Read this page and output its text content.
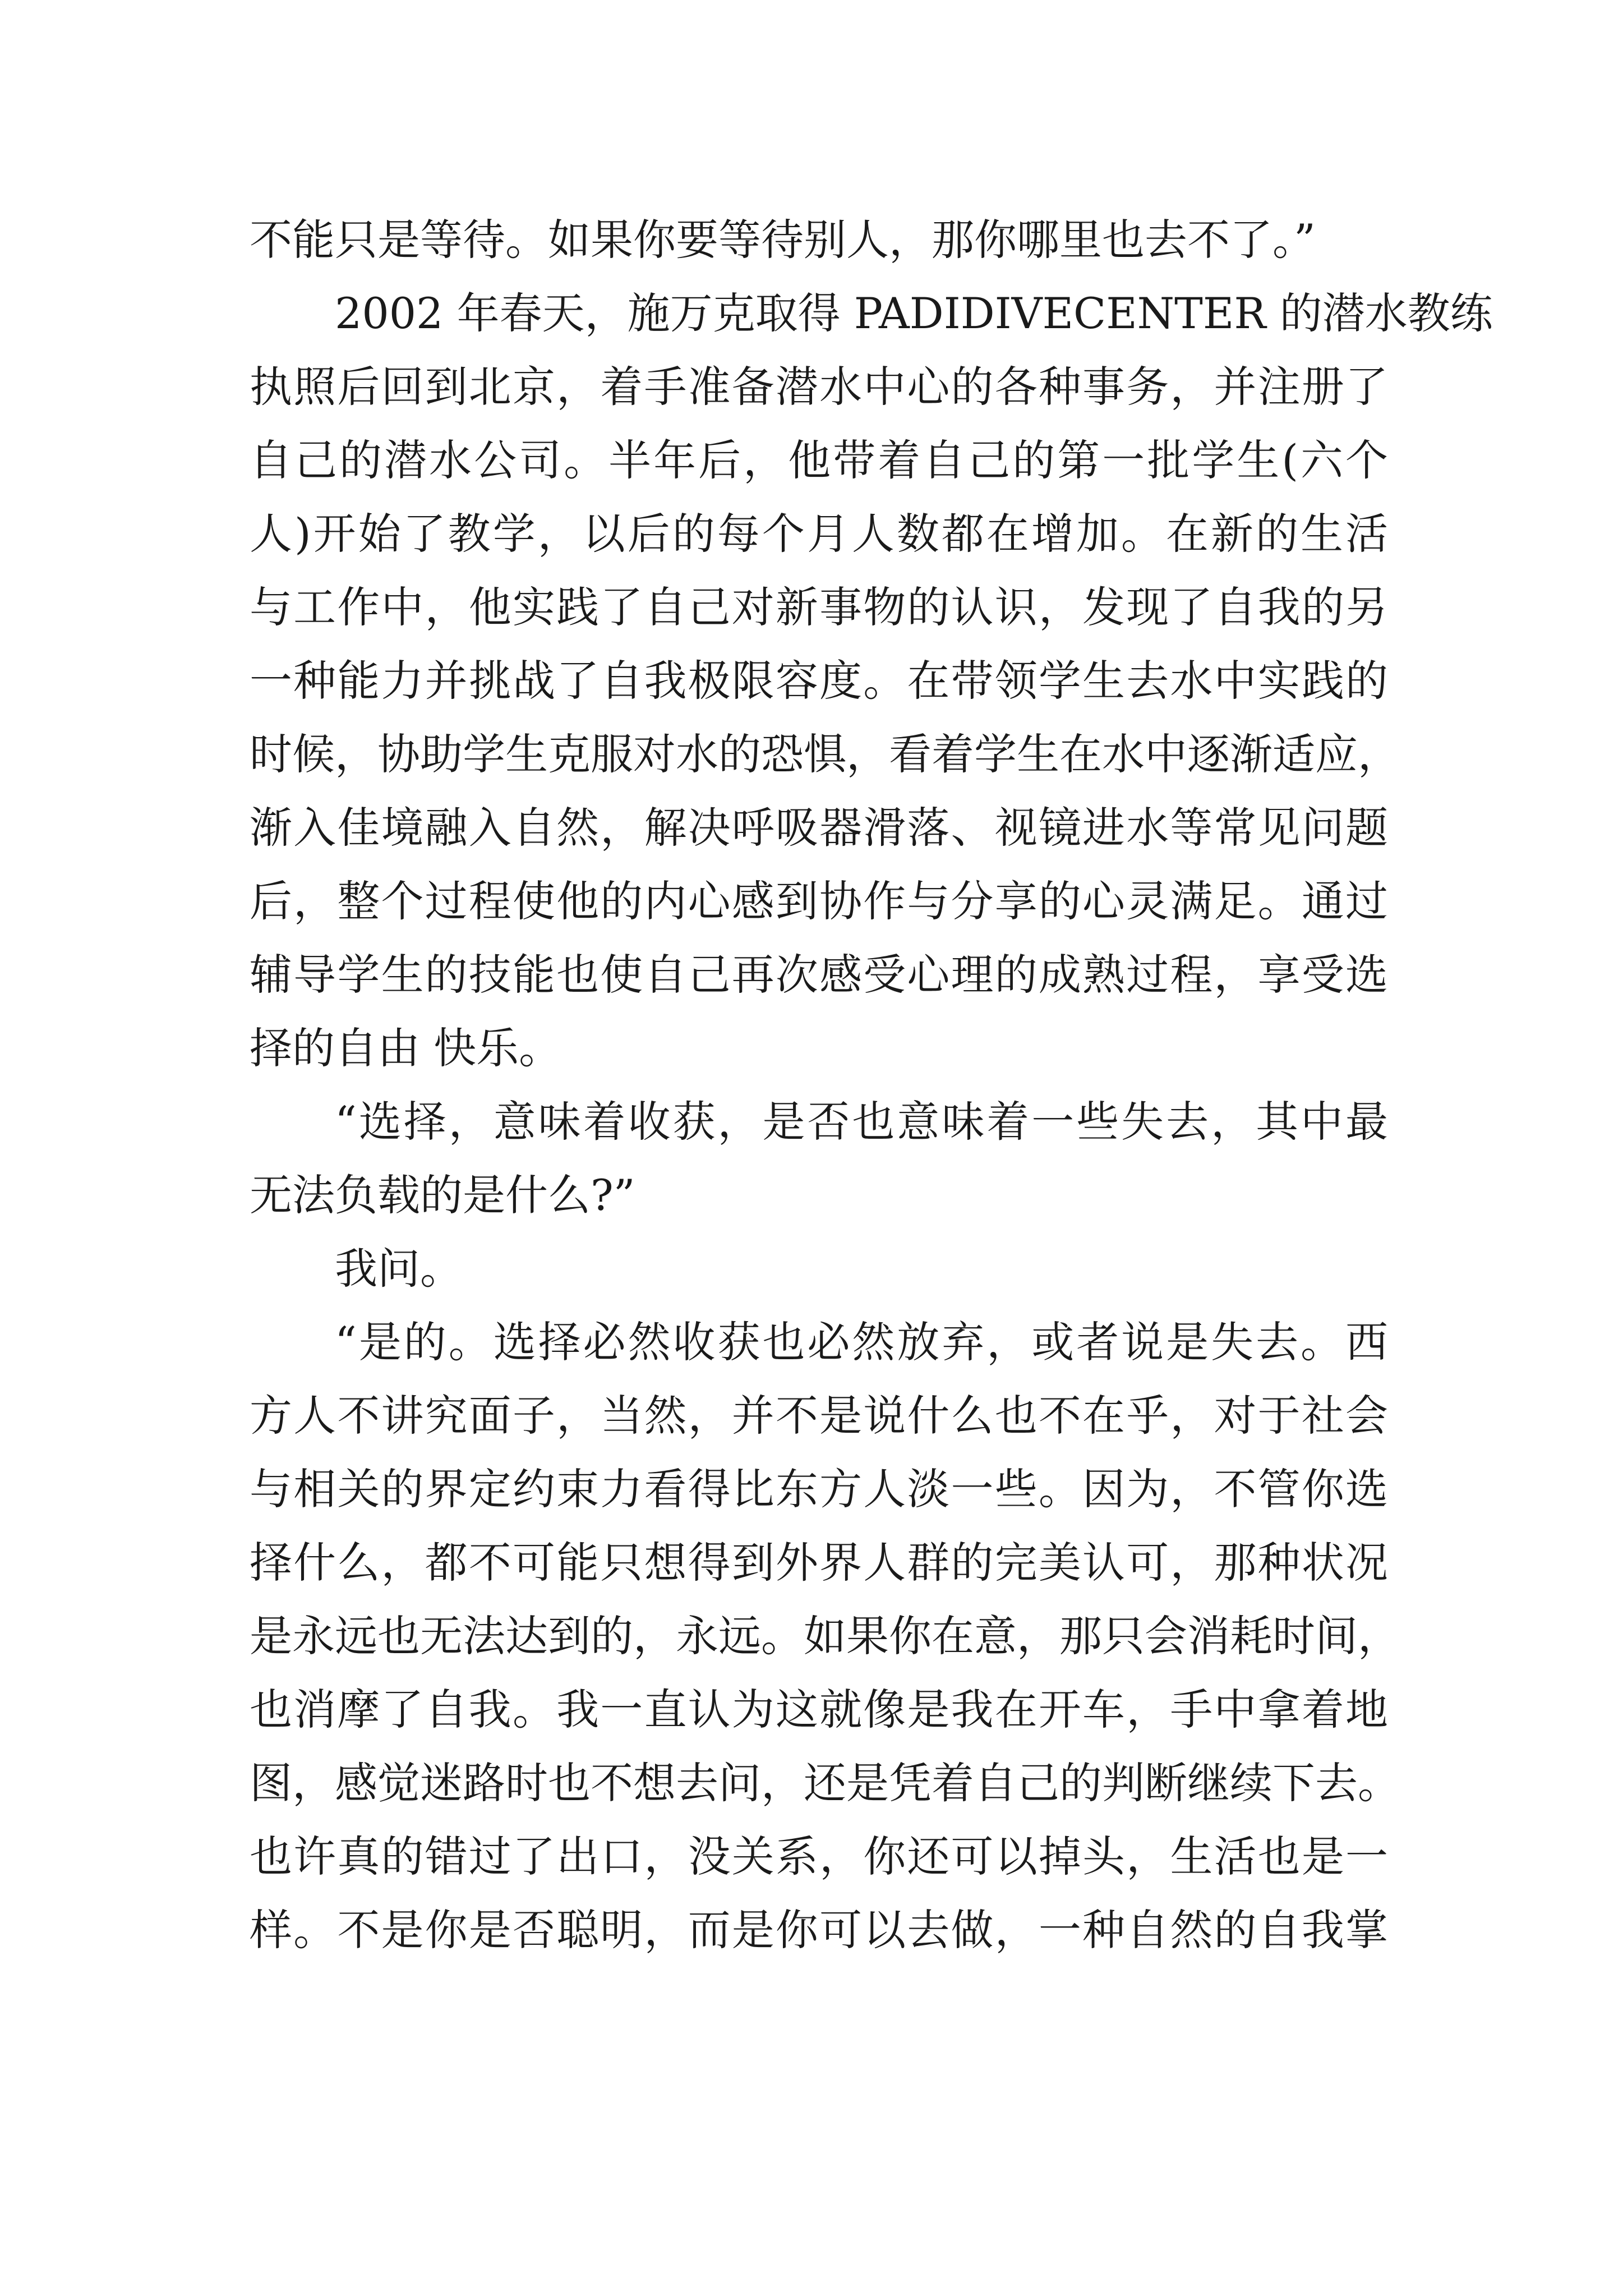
不能只是等待。如果你要等待别人，那你哪里也去不了。”
2002 年春天，施万克取得 PADIDIVECENTER 的潜水教练
执照后回到北京，着手准备潜水中心的各种事务，并注册了
自己的潜水公司。半年后，他带着自己的第一批学生(六个
人)开始了教学，以后的每个月人数都在增加。在新的生活
与工作中，他实践了自己对新事物的认识，发现了自我的另
一种能力并挑战了自我极限容度。在带领学生去水中实践的
时候，协助学生克服对水的恐惧，看着学生在水中逐渐适应，
渐入佳境融入自然，解决呼吸器滑落、视镜进水等常见问题
后，整个过程使他的内心感到协作与分享的心灵满足。通过
辅导学生的技能也使自己再次感受心理的成熟过程，享受选
择的自由 快乐。
“选择，意味着收获，是否也意味着一些失去，其中最
无法负载的是什么?”
我问。
“是的。选择必然收获也必然放弃，或者说是失去。西
方人不讲究面子，当然，并不是说什么也不在乎，对于社会
与相关的界定约束力看得比东方人淡一些。因为，不管你选
择什么，都不可能只想得到外界人群的完美认可，那种状况
是永远也无法达到的，永远。如果你在意，那只会消耗时间，
也消摩了自我。我一直认为这就像是我在开车，手中拿着地
图，感觉迷路时也不想去问，还是凭着自己的判断继续下去。
也许真的错过了出口，没关系，你还可以掉头，生活也是一
样。不是你是否聪明，而是你可以去做，一种自然的自我掌
